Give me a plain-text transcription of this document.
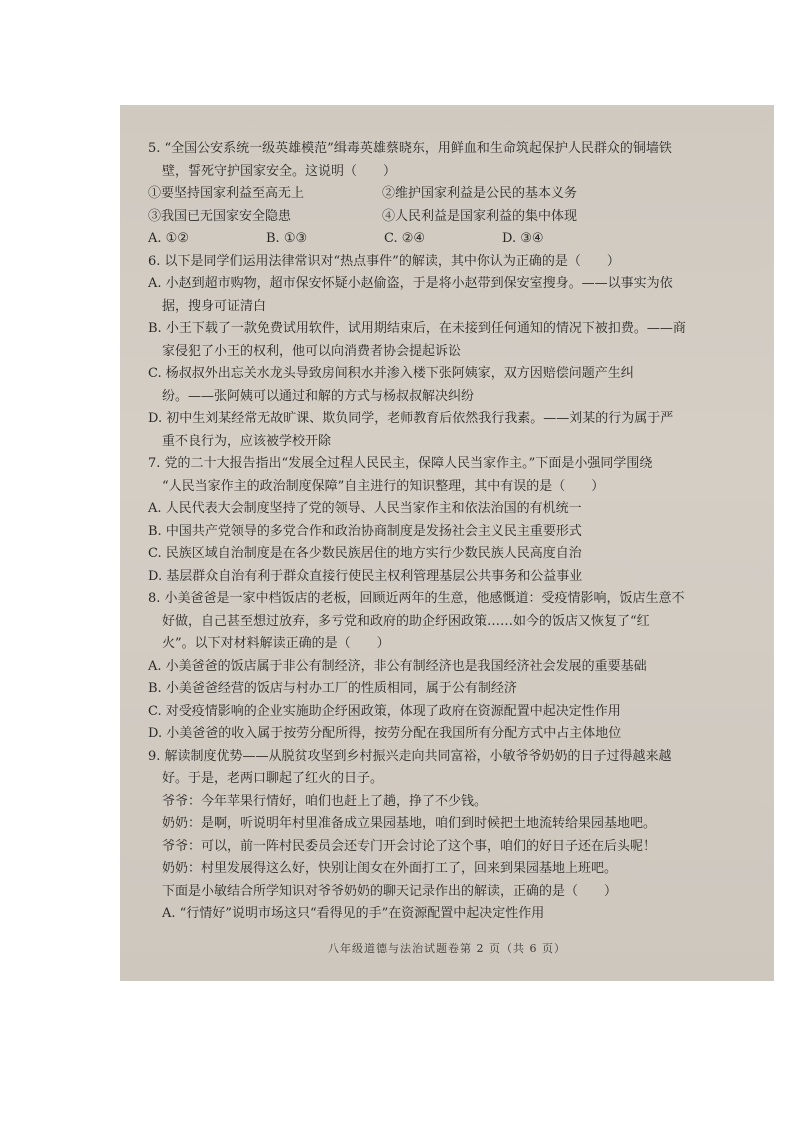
5. “全国公安系统一级英雄模范”缉毒英雄蔡晓东，用鲜血和生命筑起保护人民群众的铜墙铁

壁，誓死守护国家安全。这说明（　　）

①要坚持国家利益至高无上	②维护国家利益是公民的基本义务
③我国已无国家安全隐患	④人民利益是国家利益的集中体现
A. ①②	B. ①③	C. ②④	D. ③④

6. 以下是同学们运用法律常识对“热点事件”的解读，其中你认为正确的是（　　）

A. 小赵到超市购物，超市保安怀疑小赵偷盗，于是将小赵带到保安室搜身。——以事实为依

据，搜身可证清白

B. 小王下载了一款免费试用软件，试用期结束后，在未接到任何通知的情况下被扣费。——商

家侵犯了小王的权利，他可以向消费者协会提起诉讼

C. 杨叔叔外出忘关水龙头导致房间积水并渗入楼下张阿姨家，双方因赔偿问题产生纠

纷。——张阿姨可以通过和解的方式与杨叔叔解决纠纷

D. 初中生刘某经常无故旷课、欺负同学，老师教育后依然我行我素。——刘某的行为属于严

重不良行为，应该被学校开除

7. 党的二十大报告指出“发展全过程人民民主，保障人民当家作主。”下面是小强同学围绕

“人民当家作主的政治制度保障”自主进行的知识整理，其中有误的是（　　）

A. 人民代表大会制度坚持了党的领导、人民当家作主和依法治国的有机统一

B. 中国共产党领导的多党合作和政治协商制度是发扬社会主义民主重要形式

C. 民族区域自治制度是在各少数民族居住的地方实行少数民族人民高度自治

D. 基层群众自治有利于群众直接行使民主权利管理基层公共事务和公益事业

8. 小美爸爸是一家中档饭店的老板，回顾近两年的生意，他感慨道：受疫情影响，饭店生意不

好做，自己甚至想过放弃，多亏党和政府的助企纾困政策……如今的饭店又恢复了“红

火”。以下对材料解读正确的是（　　）

A. 小美爸爸的饭店属于非公有制经济，非公有制经济也是我国经济社会发展的重要基础

B. 小美爸爸经营的饭店与村办工厂的性质相同，属于公有制经济

C. 对受疫情影响的企业实施助企纾困政策，体现了政府在资源配置中起决定性作用

D. 小美爸爸的收入属于按劳分配所得，按劳分配在我国所有分配方式中占主体地位

9. 解读制度优势——从脱贫攻坚到乡村振兴走向共同富裕，小敏爷爷奶奶的日子过得越来越

好。于是，老两口聊起了红火的日子。

爷爷：今年苹果行情好，咱们也赶上了趟，挣了不少钱。

奶奶：是啊，听说明年村里准备成立果园基地，咱们到时候把土地流转给果园基地吧。

爷爷：可以，前一阵村民委员会还专门开会讨论了这个事，咱们的好日子还在后头呢！

奶奶：村里发展得这么好，快别让闺女在外面打工了，回来到果园基地上班吧。

下面是小敏结合所学知识对爷爷奶奶的聊天记录作出的解读，正确的是（　　）

A. “行情好”说明市场这只“看得见的手”在资源配置中起决定性作用

八年级道德与法治试题卷第 2 页（共 6 页）
